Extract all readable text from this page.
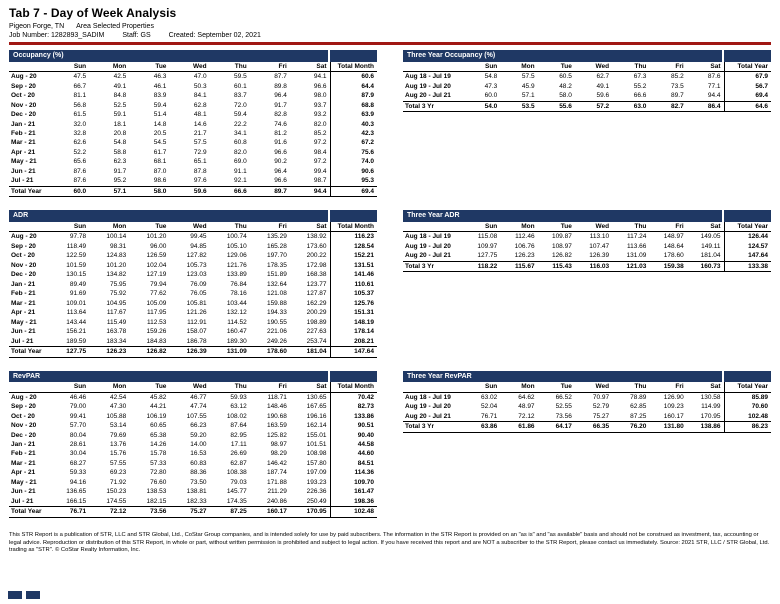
Tab 7 - Day of Week Analysis
Pigeon Forge, TN Area Selected Properties
Job Number: 1282893_SADIM	Staff: GS	Created: September 02, 2021
Occupancy (%)
	Sun	Mon	Tue	Wed	Thu	Fri	Sat	Total Month
Aug - 20	47.5	42.5	46.3	47.0	59.5	87.7	94.1	60.6
Sep - 20	66.7	49.1	46.1	50.3	60.1	89.8	96.6	64.4
Oct - 20	81.1	84.8	83.9	84.1	83.7	96.4	98.0	87.9
Nov - 20	56.8	52.5	59.4	62.8	72.0	91.7	93.7	68.8
Dec - 20	61.5	59.1	51.4	48.1	59.4	82.8	93.2	63.9
Jan - 21	32.0	18.1	14.8	14.6	22.2	74.6	82.0	40.3
Feb - 21	32.8	20.8	20.5	21.7	34.1	81.2	85.2	42.3
Mar - 21	62.6	54.8	54.5	57.5	60.8	91.6	97.2	67.2
Apr - 21	52.2	58.8	61.7	72.9	82.0	96.6	98.4	75.6
May - 21	65.6	62.3	68.1	65.1	69.0	90.2	97.2	74.0
Jun - 21	87.6	91.7	87.0	87.8	91.1	96.4	99.4	90.6
Jul - 21	87.6	95.2	98.6	97.6	92.1	96.6	98.7	95.3
Total Year	60.0	57.1	58.0	59.6	66.6	89.7	94.4	69.4
Three Year Occupancy (%)
	Sun	Mon	Tue	Wed	Thu	Fri	Sat	Total Year
Aug 18 - Jul 19	54.8	57.5	60.5	62.7	67.3	85.2	87.6	67.9
Aug 19 - Jul 20	47.3	45.9	48.2	49.1	55.2	73.5	77.1	56.7
Aug 20 - Jul 21	60.0	57.1	58.0	59.6	66.6	89.7	94.4	69.4
Total 3 Yr	54.0	53.5	55.6	57.2	63.0	82.7	86.4	64.6
ADR
	Sun	Mon	Tue	Wed	Thu	Fri	Sat	Total Month
Aug - 20	97.78	100.14	101.20	99.45	100.74	135.29	138.92	116.23
Sep - 20	118.49	98.31	96.00	94.85	105.10	165.28	173.60	128.54
Oct - 20	122.59	124.83	126.59	127.82	129.06	197.70	200.22	152.21
Nov - 20	101.59	101.20	102.04	105.73	121.76	178.35	172.98	131.51
Dec - 20	130.15	134.82	127.19	123.03	133.89	151.89	168.38	141.46
Jan - 21	89.49	75.95	79.94	76.09	76.84	132.64	123.77	110.61
Feb - 21	91.69	75.92	77.62	76.05	78.16	121.08	127.87	105.37
Mar - 21	109.01	104.95	105.09	105.81	103.44	159.88	162.29	125.76
Apr - 21	113.64	117.67	117.95	121.26	132.12	194.33	200.29	151.31
May - 21	143.44	115.49	112.53	112.91	114.52	190.55	198.89	148.19
Jun - 21	156.21	163.78	159.26	158.07	160.47	221.06	227.63	178.14
Jul - 21	189.59	183.34	184.83	186.78	189.30	249.26	253.74	208.21
Total Year	127.75	126.23	126.82	126.39	131.09	178.60	181.04	147.64
Three Year ADR
	Sun	Mon	Tue	Wed	Thu	Fri	Sat	Total Year
Aug 18 - Jul 19	115.08	112.46	109.87	113.10	117.24	148.97	149.05	126.44
Aug 19 - Jul 20	109.97	106.76	108.97	107.47	113.66	148.64	149.11	124.57
Aug 20 - Jul 21	127.75	126.23	126.82	126.39	131.09	178.60	181.04	147.64
Total 3 Yr	118.22	115.67	115.43	116.03	121.03	159.38	160.73	133.38
RevPAR
	Sun	Mon	Tue	Wed	Thu	Fri	Sat	Total Month
Aug - 20	46.46	42.54	45.82	46.77	59.93	118.71	130.65	70.42
Sep - 20	79.00	47.30	44.21	47.74	63.12	148.46	167.65	82.73
Oct - 20	99.41	105.88	106.19	107.55	108.02	190.68	196.16	133.86
Nov - 20	57.70	53.14	60.65	66.23	87.64	163.59	162.14	90.51
Dec - 20	80.04	79.69	65.38	59.20	82.95	125.82	155.01	90.40
Jan - 21	28.61	13.76	14.26	14.00	17.11	98.97	101.51	44.58
Feb - 21	30.04	15.76	15.78	16.53	26.69	98.29	108.98	44.60
Mar - 21	68.27	57.55	57.33	60.83	62.87	146.42	157.80	84.51
Apr - 21	59.33	69.23	72.80	88.36	108.38	187.74	197.09	114.36
May - 21	94.16	71.92	76.60	73.50	79.03	171.88	193.23	109.70
Jun - 21	136.65	150.23	138.53	138.81	145.77	211.29	226.36	161.47
Jul - 21	166.15	174.55	182.15	182.33	174.35	240.86	250.49	198.36
Total Year	76.71	72.12	73.56	75.27	87.25	160.17	170.95	102.48
Three Year RevPAR
	Sun	Mon	Tue	Wed	Thu	Fri	Sat	Total Year
Aug 18 - Jul 19	63.02	64.62	66.52	70.97	78.89	126.90	130.58	85.89
Aug 19 - Jul 20	52.04	48.97	52.55	52.79	62.85	109.23	114.99	70.60
Aug 20 - Jul 21	76.71	72.12	73.56	75.27	87.25	160.17	170.95	102.48
Total 3 Yr	63.86	61.86	64.17	66.35	76.20	131.80	138.86	86.23
This STR Report is a publication of STR, LLC and STR Global, Ltd., CoStar Group companies, and is intended solely for use by paid subscribers. The information in the STR Report is provided on an "as is" and "as available" basis and should not be construed as investment, tax, accounting or legal advice. Reproduction or distribution of this STR Report, in whole or part, without written permission is prohibited and subject to legal action. If you have received this report and are NOT a subscriber to the STR Report, please contact us immediately. Source: 2021 STR, LLC / STR Global, Ltd. trading as "STR". © CoStar Realty Information, Inc.
